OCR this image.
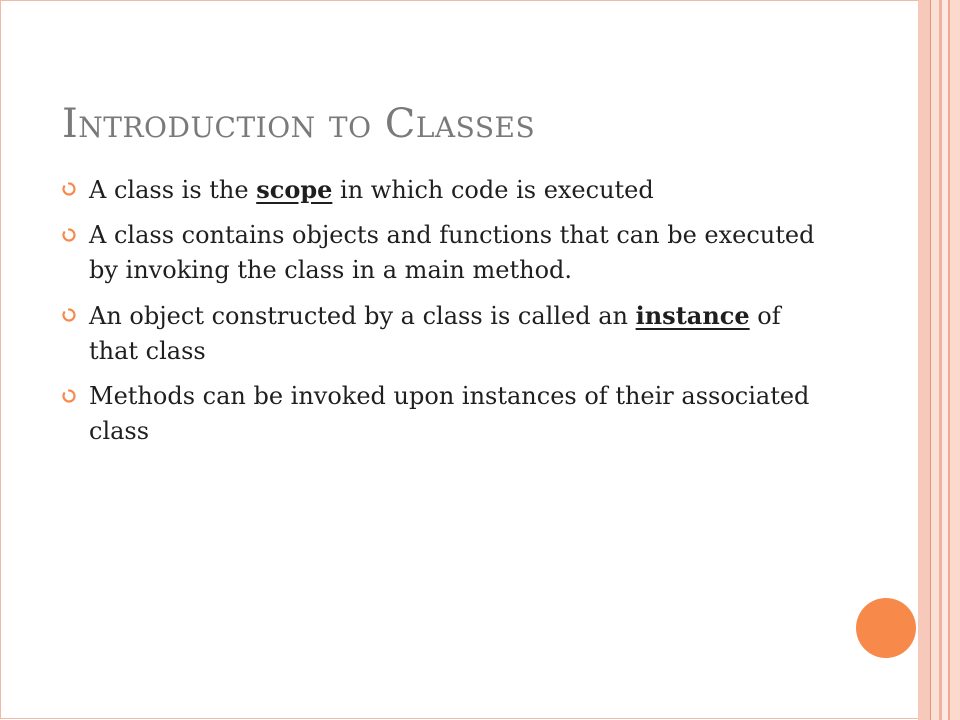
Introduction to Classes
A class is the scope in which code is executed
A class contains objects and functions that can be executed by invoking the class in a main method.
An object constructed by a class is called an instance of that class
Methods can be invoked upon instances of their associated class
